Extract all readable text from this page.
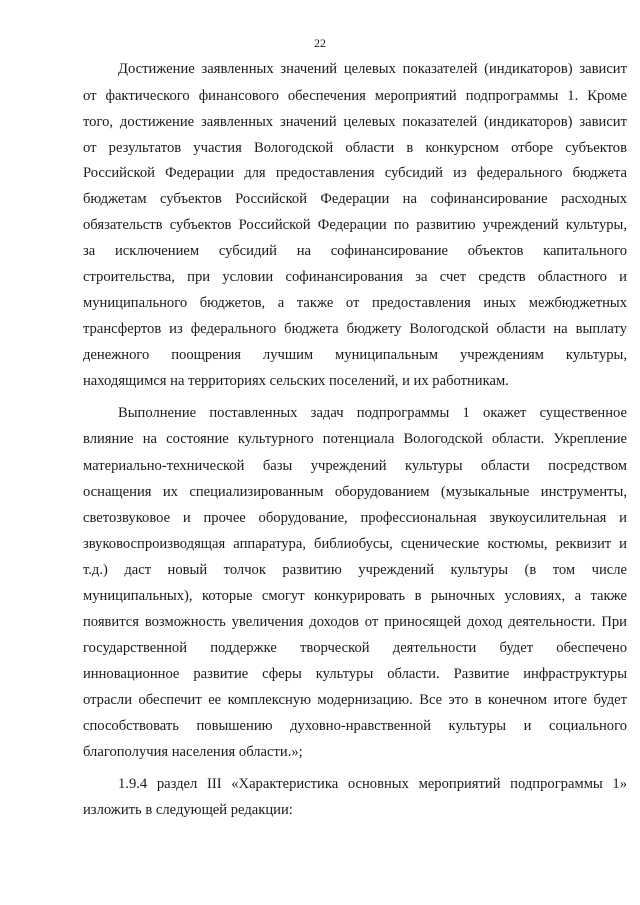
22
Достижение заявленных значений целевых показателей (индикаторов) зависит
от фактического финансового обеспечения мероприятий подпрограммы 1. Кроме
того, достижение заявленных значений целевых показателей (индикаторов) зависит
от результатов участия Вологодской области в конкурсном отборе субъектов
Российской Федерации для предоставления субсидий из федерального бюджета
бюджетам субъектов Российской Федерации на софинансирование расходных
обязательств субъектов Российской Федерации по развитию учреждений культуры,
за исключением субсидий на софинансирование объектов капитального
строительства, при условии софинансирования за счет средств областного и
муниципального бюджетов, а также от предоставления иных межбюджетных
трансфертов из федерального бюджета бюджету Вологодской области на выплату
денежного поощрения лучшим муниципальным учреждениям культуры,
находящимся на территориях сельских поселений, и их работникам.
Выполнение поставленных задач подпрограммы 1 окажет существенное
влияние на состояние культурного потенциала Вологодской области. Укрепление
материально-технической базы учреждений культуры области посредством
оснащения их специализированным оборудованием (музыкальные инструменты,
светозвуковое и прочее оборудование, профессиональная звукоусилительная и
звуковоспроизводящая аппаратура, библиобусы, сценические костюмы, реквизит и
т.д.) даст новый толчок развитию учреждений культуры (в том числе
муниципальных), которые смогут конкурировать в рыночных условиях, а также
появится возможность увеличения доходов от приносящей доход деятельности. При
государственной поддержке творческой деятельности будет обеспечено
инновационное развитие сферы культуры области. Развитие инфраструктуры
отрасли обеспечит ее комплексную модернизацию. Все это в конечном итоге будет
способствовать повышению духовно-нравственной культуры и социального
благополучия населения области.»;
1.9.4 раздел III «Характеристика основных мероприятий подпрограммы 1»
изложить в следующей редакции:
